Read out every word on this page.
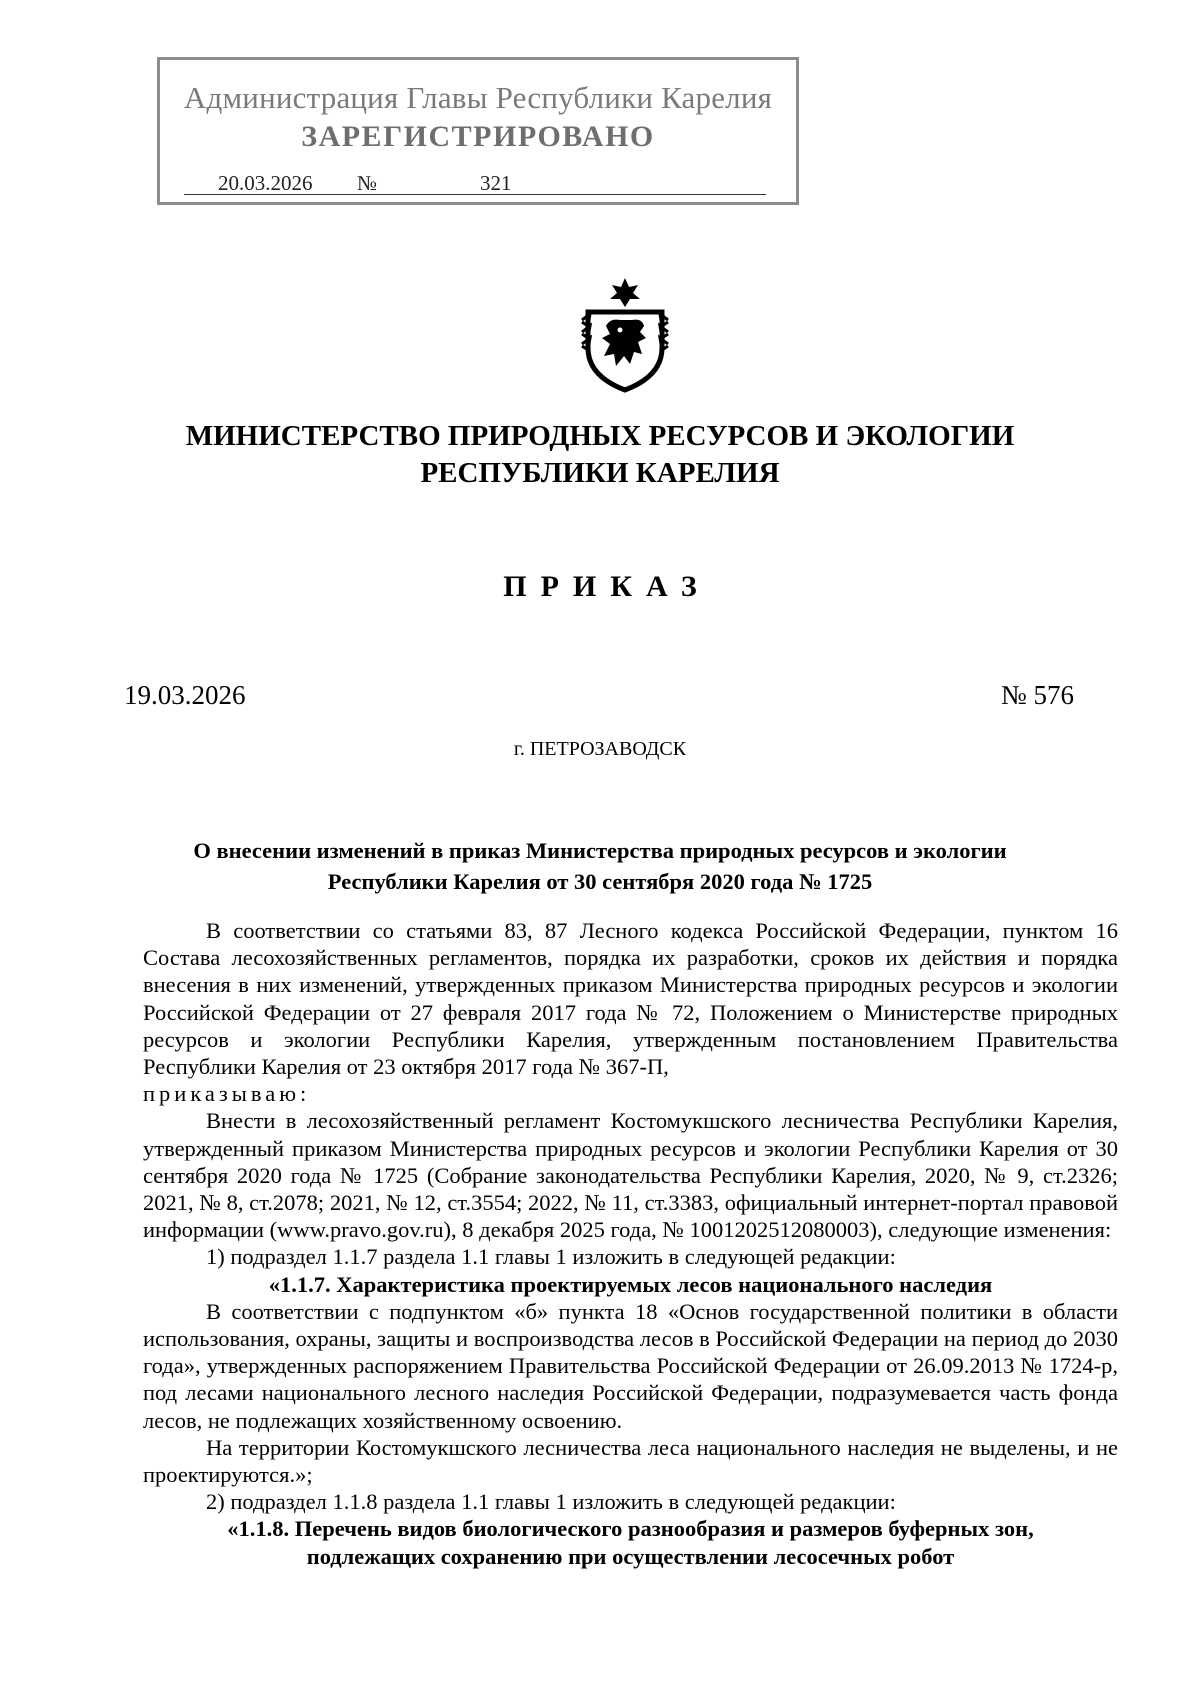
Администрация Главы Республики Карелия
ЗАРЕГИСТРИРОВАНО
20.03.2026 №	321
МИНИСТЕРСТВО ПРИРОДНЫХ РЕСУРСОВ И ЭКОЛОГИИ
РЕСПУБЛИКИ КАРЕЛИЯ
ПРИКАЗ
19.03.2026	№ 576
г. ПЕТРОЗАВОДСК
О внесении изменений в приказ Министерства природных ресурсов и экологии
Республики Карелия от 30 сентября 2020 года № 1725

В соответствии со статьями 83, 87 Лесного кодекса Российской Федерации, пунктом 16 Состава лесохозяйственных регламентов, порядка их разработки, сроков их действия и порядка внесения в них изменений, утвержденных приказом Министерства природных ресурсов и экологии Российской Федерации от 27 февраля 2017 года № 72, Положением о Министерстве природных ресурсов и экологии Республики Карелия, утвержденным постановлением Правительства Республики Карелия от 23 октября 2017 года № 367-П,

приказываю:

Внести в лесохозяйственный регламент Костомукшского лесничества Республики Карелия, утвержденный приказом Министерства природных ресурсов и экологии Республики Карелия от 30 сентября 2020 года № 1725 (Собрание законодательства Республики Карелия, 2020, № 9, ст.2326; 2021, № 8, ст.2078; 2021, № 12, ст.3554; 2022, № 11, ст.3383, официальный интернет-портал правовой информации (www.pravo.gov.ru), 8 декабря 2025 года, № 1001202512080003), следующие изменения:

1) подраздел 1.1.7 раздела 1.1 главы 1 изложить в следующей редакции:

«1.1.7. Характеристика проектируемых лесов национального наследия

В соответствии с подпунктом «б» пункта 18 «Основ государственной политики в области использования, охраны, защиты и воспроизводства лесов в Российской Федерации на период до 2030 года», утвержденных распоряжением Правительства Российской Федерации от 26.09.2013 № 1724-р, под лесами национального лесного наследия Российской Федерации, подразумевается часть фонда лесов, не подлежащих хозяйственному освоению.

На территории Костомукшского лесничества леса национального наследия не выделены, и не проектируются.»;

2) подраздел 1.1.8 раздела 1.1 главы 1 изложить в следующей редакции:

«1.1.8. Перечень видов биологического разнообразия и размеров буферных зон,
подлежащих сохранению при осуществлении лесосечных робот
